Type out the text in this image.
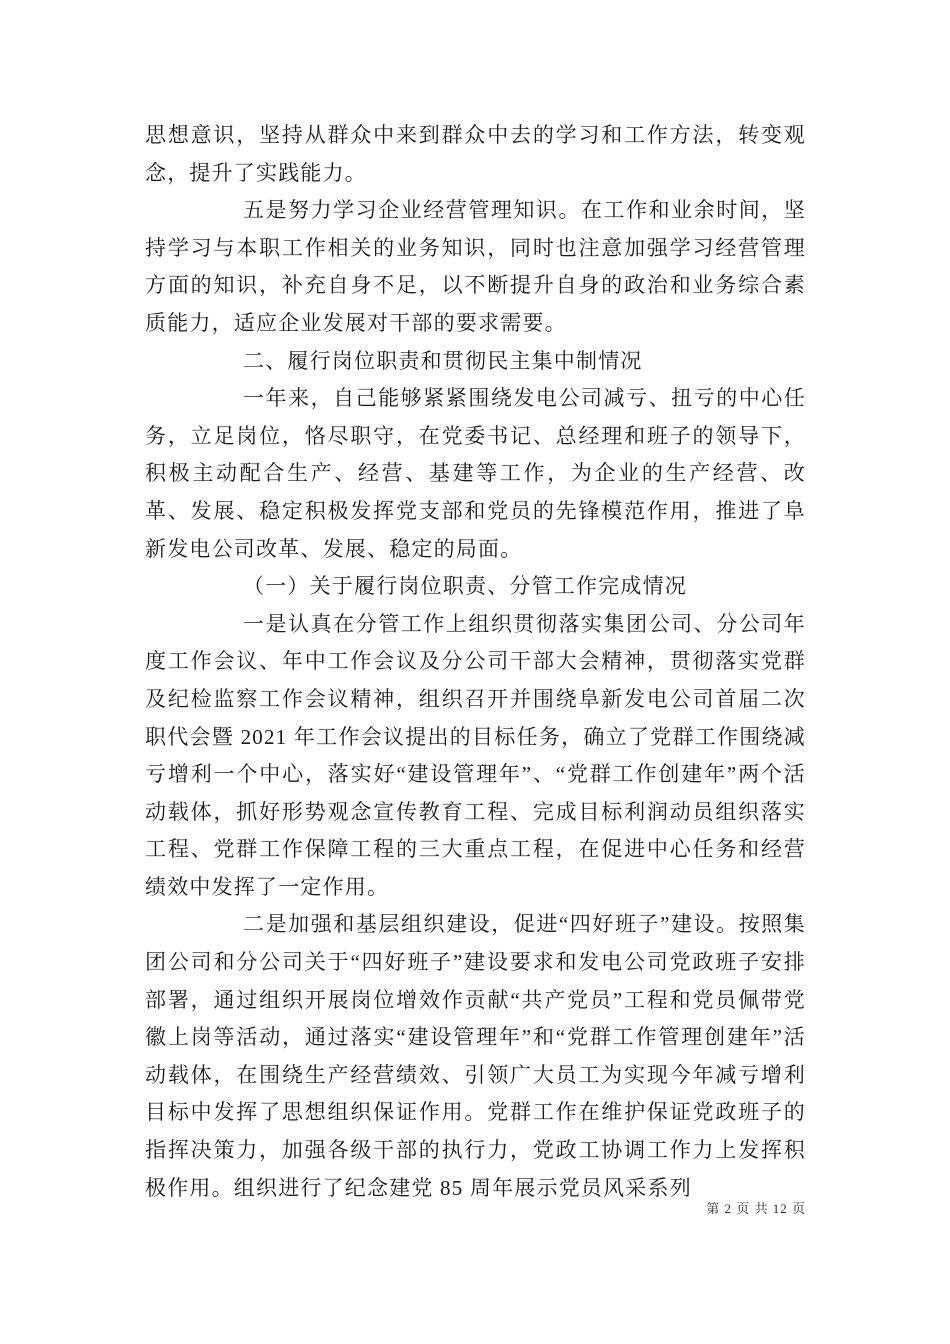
思想意识，坚持从群众中来到群众中去的学习和工作方法，转变观念，提升了实践能力。

五是努力学习企业经营管理知识。在工作和业余时间，坚持学习与本职工作相关的业务知识，同时也注意加强学习经营管理方面的知识，补充自身不足，以不断提升自身的政治和业务综合素质能力，适应企业发展对干部的要求需要。

二、履行岗位职责和贯彻民主集中制情况

一年来，自己能够紧紧围绕发电公司减亏、扭亏的中心任务，立足岗位，恪尽职守，在党委书记、总经理和班子的领导下，积极主动配合生产、经营、基建等工作，为企业的生产经营、改革、发展、稳定积极发挥党支部和党员的先锋模范作用，推进了阜新发电公司改革、发展、稳定的局面。

（一）关于履行岗位职责、分管工作完成情况

一是认真在分管工作上组织贯彻落实集团公司、分公司年度工作会议、年中工作会议及分公司干部大会精神，贯彻落实党群及纪检监察工作会议精神，组织召开并围绕阜新发电公司首届二次职代会暨 2021 年工作会议提出的目标任务，确立了党群工作围绕减亏增利一个中心，落实好“建设管理年”、“党群工作创建年”两个活动载体，抓好形势观念宣传教育工程、完成目标利润动员组织落实工程、党群工作保障工程的三大重点工程，在促进中心任务和经营绩效中发挥了一定作用。

二是加强和基层组织建设，促进“四好班子”建设。按照集团公司和分公司关于“四好班子”建设要求和发电公司党政班子安排部署，通过组织开展岗位增效作贡献“共产党员”工程和党员佩带党徽上岗等活动，通过落实“建设管理年”和“党群工作管理创建年”活动载体，在围绕生产经营绩效、引领广大员工为实现今年减亏增利目标中发挥了思想组织保证作用。党群工作在维护保证党政班子的指挥决策力，加强各级干部的执行力，党政工协调工作力上发挥积极作用。组织进行了纪念建党 85 周年展示党员风采系列

第 2 页 共 12 页
